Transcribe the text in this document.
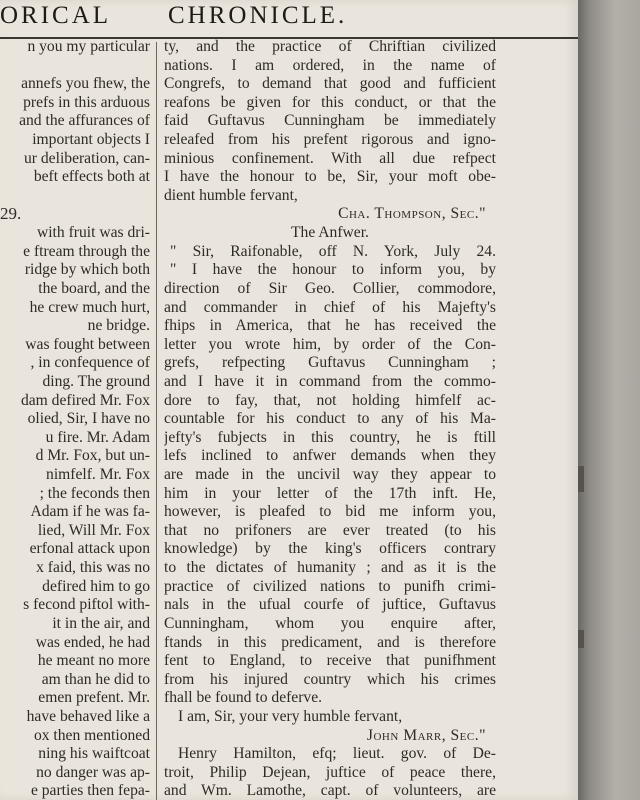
ORICAL CHRONICLE.
n you my particular
annefs you fhew, the
prefs in this arduous
and the affurances of
important objects I
ur deliberation, can-
beft effects both at
29.
with fruit was dri-
e ftream through the
ridge by which both
the board, and the
he crew much hurt,
ne bridge.
was fought between
, in confequence of
ding. The ground
dam defired Mr. Fox
olied, Sir, I have no
u fire. Mr. Adam
d Mr. Fox, but un-
nimfelf. Mr. Fox
; the feconds then
Adam if he was fa-
lied, Will Mr. Fox
erfonal attack upon
x faid, this was no
defired him to go
s fecond piftol with-
it in the air, and
was ended, he had
he meant no more
am than he did to
emen prefent. Mr.
have behaved like a
ox then mentioned
ning his waiftcoat
no danger was ap-
e parties then fepa-
ty, and the practice of Chriftian civilized
nations. I am ordered, in the name of
Congrefs, to demand that good and fufficient
reafons be given for this conduct, or that the
faid Guftavus Cunningham be immediately
releafed from his prefent rigorous and igno-
minious confinement. With all due refpect
I have the honour to be, Sir, your moft obe-
dient humble fervant,
Cha. Thompson, Sec."
The Anfwer.
" Sir, Raifonable, off N. York, July 24.
" I have the honour to inform you, by
direction of Sir Geo. Collier, commodore,
and commander in chief of his Majefty's
fhips in America, that he has received the
letter you wrote him, by order of the Con-
grefs, refpecting Guftavus Cunningham ;
and I have it in command from the commo-
dore to fay, that, not holding himfelf ac-
countable for his conduct to any of his Ma-
jefty's fubjects in this country, he is ftill
lefs inclined to anfwer demands when they
are made in the uncivil way they appear to
him in your letter of the 17th inft. He,
however, is pleafed to bid me inform you,
that no prifoners are ever treated (to his
knowledge) by the king's officers contrary
to the dictates of humanity ; and as it is the
practice of civilized nations to punifh crimi-
nals in the ufual courfe of juftice, Guftavus
Cunningham, whom you enquire after,
ftands in this predicament, and is therefore
fent to England, to receive that punifhment
from his injured country which his crimes
fhall be found to deferve.
I am, Sir, your very humble fervant,
John Marr, Sec."
Henry Hamilton, efq; lieut. gov. of De-
troit, Philip Dejean, juftice of peace there,
and Wm. Lamothe, capt. of volunteers, are
